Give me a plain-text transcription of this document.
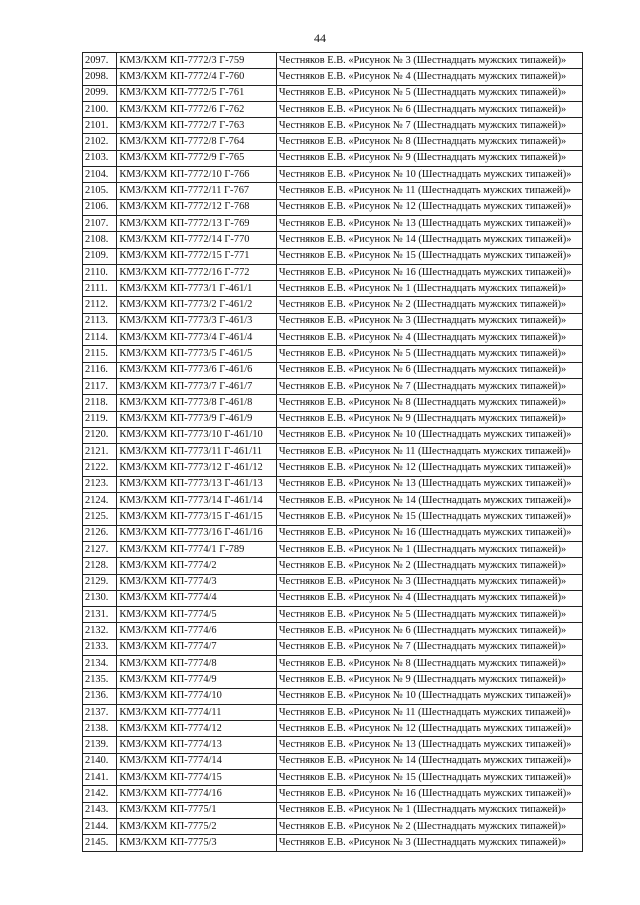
44
2097.	КМЗ/КХМ КП-7772/3 Г-759	Честняков Е.В. «Рисунок № 3 (Шестнадцать мужских типажей)»
2098.	КМЗ/КХМ КП-7772/4 Г-760	Честняков Е.В. «Рисунок № 4 (Шестнадцать мужских типажей)»
2099.	КМЗ/КХМ КП-7772/5 Г-761	Честняков Е.В. «Рисунок № 5 (Шестнадцать мужских типажей)»
2100.	КМЗ/КХМ КП-7772/6 Г-762	Честняков Е.В. «Рисунок № 6 (Шестнадцать мужских типажей)»
2101.	КМЗ/КХМ КП-7772/7 Г-763	Честняков Е.В. «Рисунок № 7 (Шестнадцать мужских типажей)»
2102.	КМЗ/КХМ КП-7772/8 Г-764	Честняков Е.В. «Рисунок № 8 (Шестнадцать мужских типажей)»
2103.	КМЗ/КХМ КП-7772/9 Г-765	Честняков Е.В. «Рисунок № 9 (Шестнадцать мужских типажей)»
2104.	КМЗ/КХМ КП-7772/10 Г-766	Честняков Е.В. «Рисунок № 10 (Шестнадцать мужских типажей)»
2105.	КМЗ/КХМ КП-7772/11 Г-767	Честняков Е.В. «Рисунок № 11 (Шестнадцать мужских типажей)»
2106.	КМЗ/КХМ КП-7772/12 Г-768	Честняков Е.В. «Рисунок № 12 (Шестнадцать мужских типажей)»
2107.	КМЗ/КХМ КП-7772/13 Г-769	Честняков Е.В. «Рисунок № 13 (Шестнадцать мужских типажей)»
2108.	КМЗ/КХМ КП-7772/14 Г-770	Честняков Е.В. «Рисунок № 14 (Шестнадцать мужских типажей)»
2109.	КМЗ/КХМ КП-7772/15 Г-771	Честняков Е.В. «Рисунок № 15 (Шестнадцать мужских типажей)»
2110.	КМЗ/КХМ КП-7772/16 Г-772	Честняков Е.В. «Рисунок № 16 (Шестнадцать мужских типажей)»
2111.	КМЗ/КХМ КП-7773/1 Г-461/1	Честняков Е.В. «Рисунок № 1 (Шестнадцать мужских типажей)»
2112.	КМЗ/КХМ КП-7773/2 Г-461/2	Честняков Е.В. «Рисунок № 2 (Шестнадцать мужских типажей)»
2113.	КМЗ/КХМ КП-7773/3 Г-461/3	Честняков Е.В. «Рисунок № 3 (Шестнадцать мужских типажей)»
2114.	КМЗ/КХМ КП-7773/4 Г-461/4	Честняков Е.В. «Рисунок № 4 (Шестнадцать мужских типажей)»
2115.	КМЗ/КХМ КП-7773/5 Г-461/5	Честняков Е.В. «Рисунок № 5 (Шестнадцать мужских типажей)»
2116.	КМЗ/КХМ КП-7773/6 Г-461/6	Честняков Е.В. «Рисунок № 6 (Шестнадцать мужских типажей)»
2117.	КМЗ/КХМ КП-7773/7 Г-461/7	Честняков Е.В. «Рисунок № 7 (Шестнадцать мужских типажей)»
2118.	КМЗ/КХМ КП-7773/8 Г-461/8	Честняков Е.В. «Рисунок № 8 (Шестнадцать мужских типажей)»
2119.	КМЗ/КХМ КП-7773/9 Г-461/9	Честняков Е.В. «Рисунок № 9 (Шестнадцать мужских типажей)»
2120.	КМЗ/КХМ КП-7773/10 Г-461/10	Честняков Е.В. «Рисунок № 10 (Шестнадцать мужских типажей)»
2121.	КМЗ/КХМ КП-7773/11 Г-461/11	Честняков Е.В. «Рисунок № 11 (Шестнадцать мужских типажей)»
2122.	КМЗ/КХМ КП-7773/12 Г-461/12	Честняков Е.В. «Рисунок № 12 (Шестнадцать мужских типажей)»
2123.	КМЗ/КХМ КП-7773/13 Г-461/13	Честняков Е.В. «Рисунок № 13 (Шестнадцать мужских типажей)»
2124.	КМЗ/КХМ КП-7773/14 Г-461/14	Честняков Е.В. «Рисунок № 14 (Шестнадцать мужских типажей)»
2125.	КМЗ/КХМ КП-7773/15 Г-461/15	Честняков Е.В. «Рисунок № 15 (Шестнадцать мужских типажей)»
2126.	КМЗ/КХМ КП-7773/16 Г-461/16	Честняков Е.В. «Рисунок № 16 (Шестнадцать мужских типажей)»
2127.	КМЗ/КХМ КП-7774/1 Г-789	Честняков Е.В. «Рисунок № 1 (Шестнадцать мужских типажей)»
2128.	КМЗ/КХМ КП-7774/2	Честняков Е.В. «Рисунок № 2 (Шестнадцать мужских типажей)»
2129.	КМЗ/КХМ КП-7774/3	Честняков Е.В. «Рисунок № 3 (Шестнадцать мужских типажей)»
2130.	КМЗ/КХМ КП-7774/4	Честняков Е.В. «Рисунок № 4 (Шестнадцать мужских типажей)»
2131.	КМЗ/КХМ КП-7774/5	Честняков Е.В. «Рисунок № 5 (Шестнадцать мужских типажей)»
2132.	КМЗ/КХМ КП-7774/6	Честняков Е.В. «Рисунок № 6 (Шестнадцать мужских типажей)»
2133.	КМЗ/КХМ КП-7774/7	Честняков Е.В. «Рисунок № 7 (Шестнадцать мужских типажей)»
2134.	КМЗ/КХМ КП-7774/8	Честняков Е.В. «Рисунок № 8 (Шестнадцать мужских типажей)»
2135.	КМЗ/КХМ КП-7774/9	Честняков Е.В. «Рисунок № 9 (Шестнадцать мужских типажей)»
2136.	КМЗ/КХМ КП-7774/10	Честняков Е.В. «Рисунок № 10 (Шестнадцать мужских типажей)»
2137.	КМЗ/КХМ КП-7774/11	Честняков Е.В. «Рисунок № 11 (Шестнадцать мужских типажей)»
2138.	КМЗ/КХМ КП-7774/12	Честняков Е.В. «Рисунок № 12 (Шестнадцать мужских типажей)»
2139.	КМЗ/КХМ КП-7774/13	Честняков Е.В. «Рисунок № 13 (Шестнадцать мужских типажей)»
2140.	КМЗ/КХМ КП-7774/14	Честняков Е.В. «Рисунок № 14 (Шестнадцать мужских типажей)»
2141.	КМЗ/КХМ КП-7774/15	Честняков Е.В. «Рисунок № 15 (Шестнадцать мужских типажей)»
2142.	КМЗ/КХМ КП-7774/16	Честняков Е.В. «Рисунок № 16 (Шестнадцать мужских типажей)»
2143.	КМЗ/КХМ КП-7775/1	Честняков Е.В. «Рисунок № 1 (Шестнадцать мужских типажей)»
2144.	КМЗ/КХМ КП-7775/2	Честняков Е.В. «Рисунок № 2 (Шестнадцать мужских типажей)»
2145.	КМЗ/КХМ КП-7775/3	Честняков Е.В. «Рисунок № 3 (Шестнадцать мужских типажей)»
